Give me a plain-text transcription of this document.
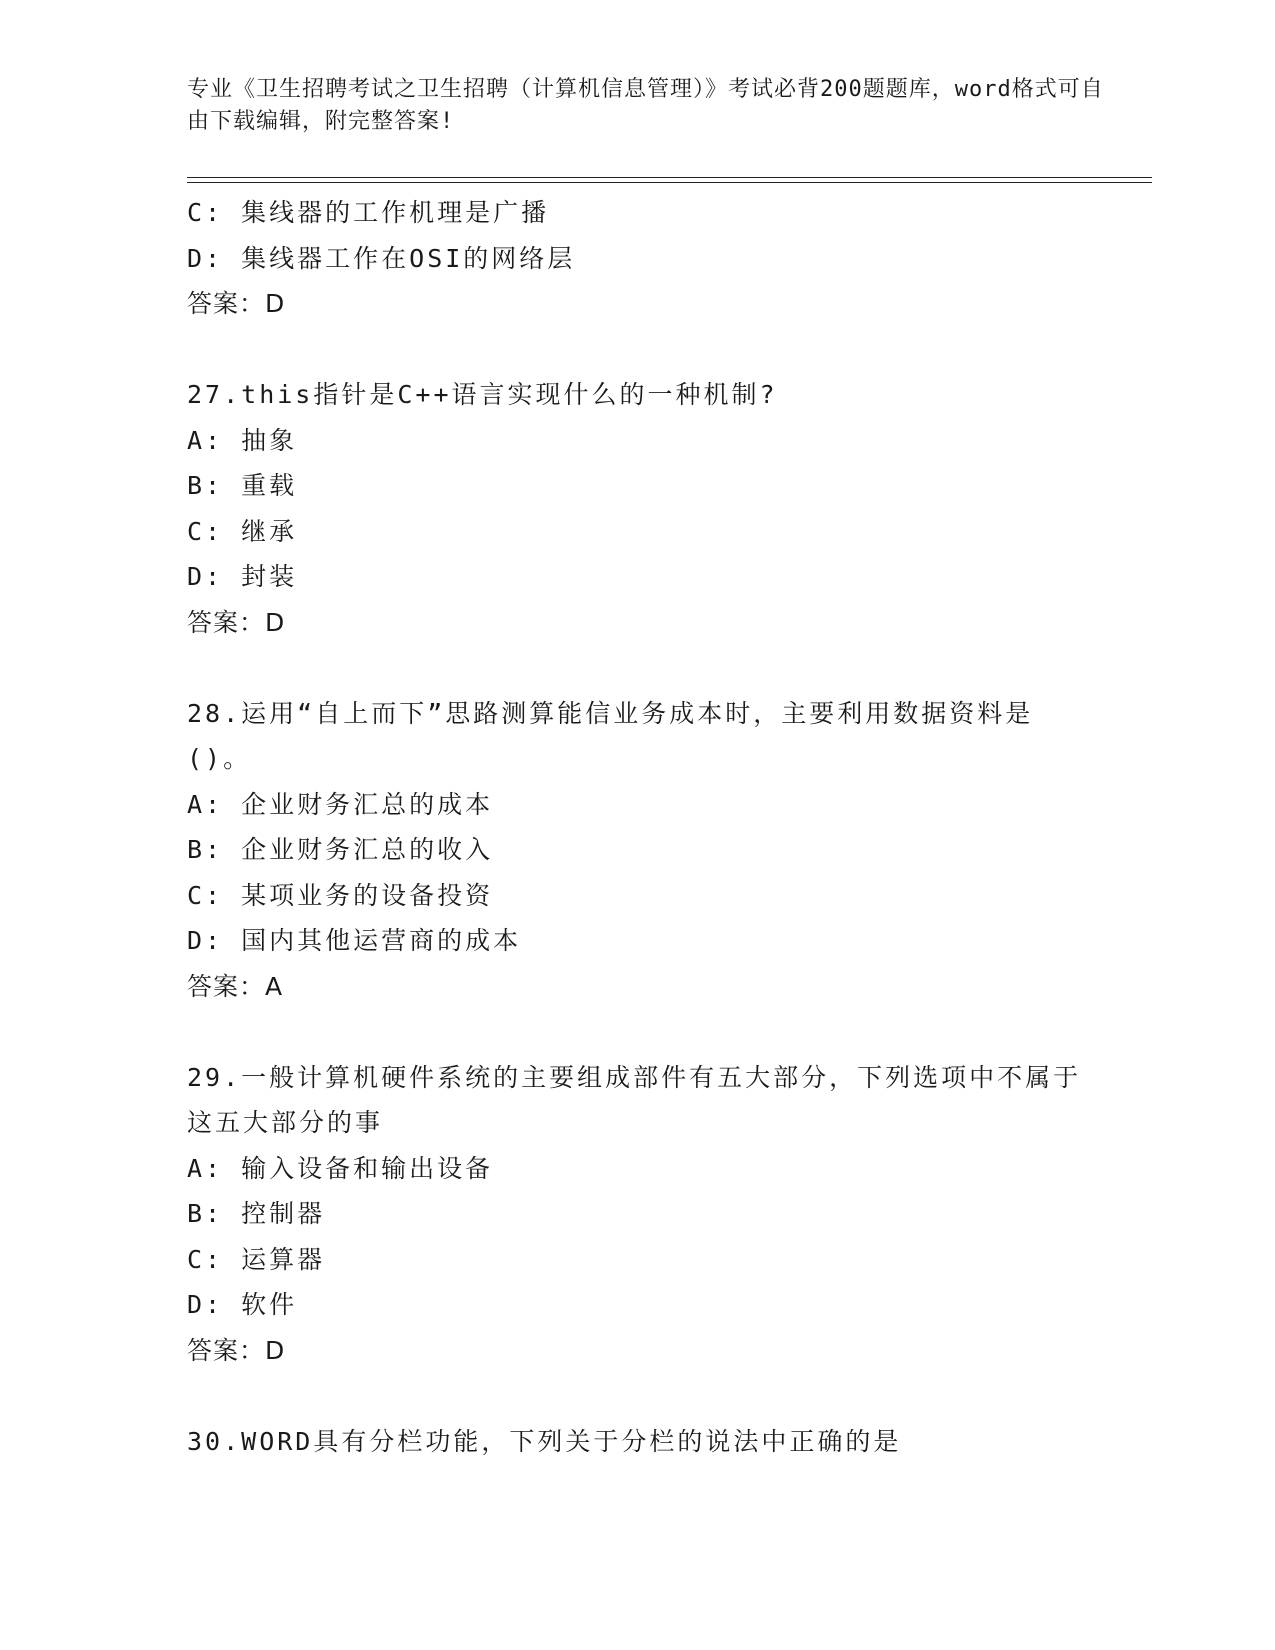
专业《卫生招聘考试之卫生招聘（计算机信息管理）》考试必背200题题库，word格式可自由下载编辑，附完整答案!
C: 集线器的工作机理是广播
D: 集线器工作在OSI的网络层
答案：D
27.this指针是C++语言实现什么的一种机制?
A: 抽象
B: 重载
C: 继承
D: 封装
答案：D
28.运用“自上而下”思路测算能信业务成本时，主要利用数据资料是()。
A: 企业财务汇总的成本
B: 企业财务汇总的收入
C: 某项业务的设备投资
D: 国内其他运营商的成本
答案：A
29.一般计算机硬件系统的主要组成部件有五大部分，下列选项中不属于这五大部分的事
A: 输入设备和输出设备
B: 控制器
C: 运算器
D: 软件
答案：D
30.WORD具有分栏功能，下列关于分栏的说法中正确的是
